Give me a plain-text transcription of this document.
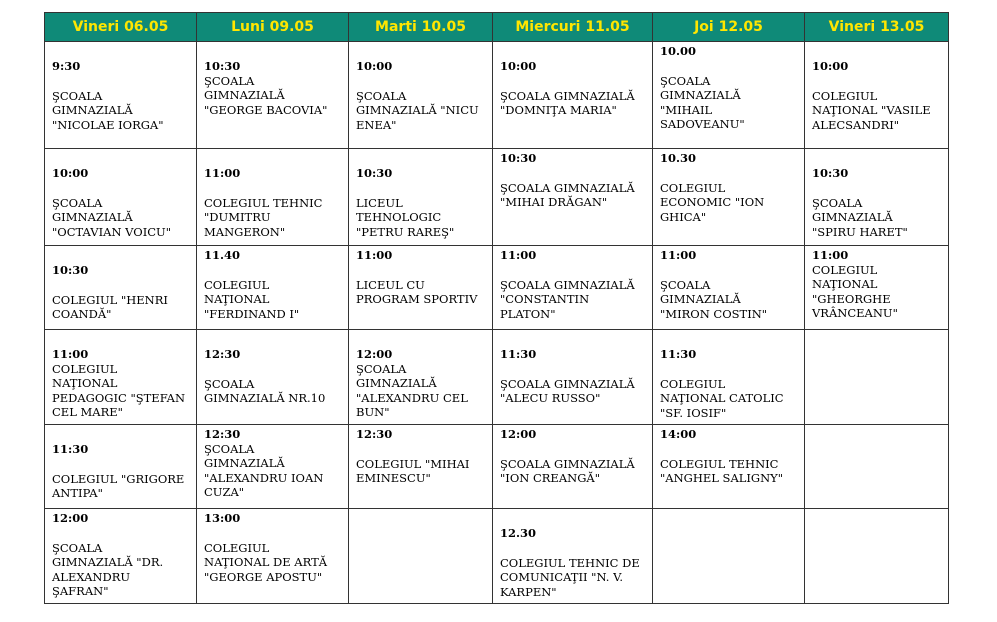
Vineri 06.05	Luni 09.05	Marti 10.05	Miercuri 11.05	Joi 12.05	Vineri 13.05

9:30
ŞCOALA
GIMNAZIALĂ
"NICOLAE IORGA"	10:30
ŞCOALA
GIMNAZIALĂ
"GEORGE BACOVIA"	10:00
ŞCOALA
GIMNAZIALĂ "NICU
ENEA"	10:00
ŞCOALA GIMNAZIALĂ
"DOMNIŢA MARIA"	10.00
ŞCOALA
GIMNAZIALĂ
"MIHAIL
SADOVEANU"	10:00
COLEGIUL
NAŢIONAL "VASILE
ALECSANDRI"

10:00
ŞCOALA
GIMNAZIALĂ
"OCTAVIAN VOICU"	11:00
COLEGIUL TEHNIC
"DUMITRU
MANGERON"	10:30
LICEUL
TEHNOLOGIC
"PETRU RAREŞ"	10:30
ŞCOALA GIMNAZIALĂ
"MIHAI DRĂGAN"	10.30
COLEGIUL
ECONOMIC "ION
GHICA"	10:30
ŞCOALA
GIMNAZIALĂ
"SPIRU HARET"

10:30
COLEGIUL "HENRI
COANDĂ"	11.40
COLEGIUL
NAŢIONAL
"FERDINAND I"	11:00
LICEUL CU
PROGRAM SPORTIV	11:00
ŞCOALA GIMNAZIALĂ
"CONSTANTIN
PLATON"	11:00
ŞCOALA
GIMNAZIALĂ
"MIRON COSTIN"	11:00
COLEGIUL
NAŢIONAL
"GHEORGHE
VRÂNCEANU"

11:00
COLEGIUL
NAŢIONAL
PEDAGOGIC "ŞTEFAN
CEL MARE"	12:30
ŞCOALA
GIMNAZIALĂ NR.10	12:00
ŞCOALA
GIMNAZIALĂ
"ALEXANDRU CEL
BUN"	11:30
ŞCOALA GIMNAZIALĂ
"ALECU RUSSO"	11:30
COLEGIUL
NAŢIONAL CATOLIC
"SF. IOSIF"	

11:30
COLEGIUL "GRIGORE
ANTIPA"	12:30
ŞCOALA
GIMNAZIALĂ
"ALEXANDRU IOAN
CUZA"	12:30
COLEGIUL "MIHAI
EMINESCU"	12:00
ŞCOALA GIMNAZIALĂ
"ION CREANGĂ"	14:00
COLEGIUL TEHNIC
"ANGHEL SALIGNY"	

12:00
ŞCOALA
GIMNAZIALĂ "DR.
ALEXANDRU
ŞAFRAN"	13:00
COLEGIUL
NAŢIONAL DE ARTĂ
"GEORGE APOSTU"		12.30
COLEGIUL TEHNIC DE
COMUNICAŢII "N. V.
KARPEN"		
